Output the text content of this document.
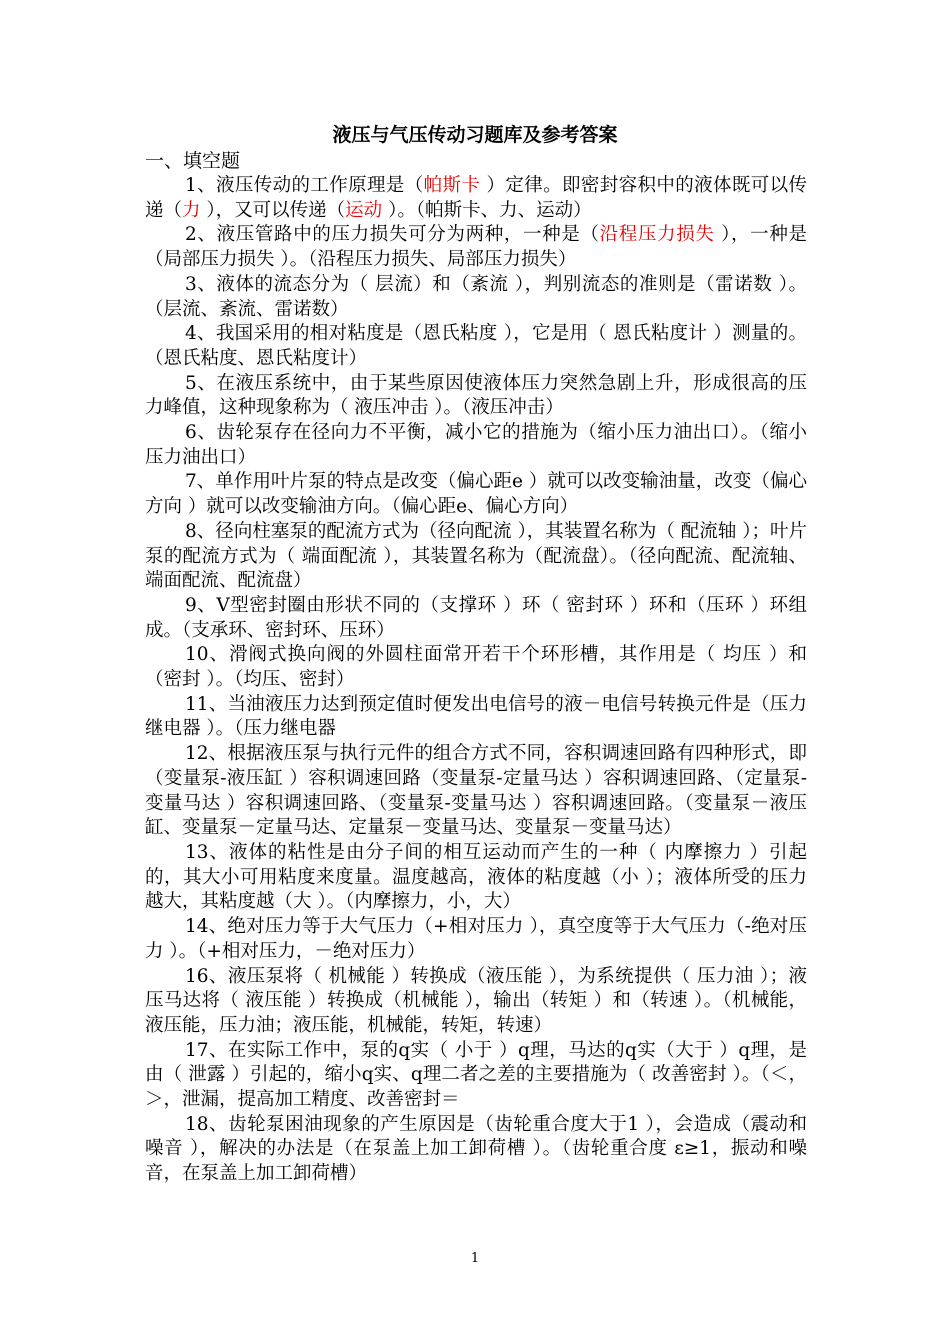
液压与气压传动习题库及参考答案
一、填空题

1、液压传动的工作原理是（帕斯卡 ）定律。即密封容积中的液体既可以传递（力 ），又可以传递（运动 ）。（帕斯卡、力、运动）

2、液压管路中的压力损失可分为两种，一种是（沿程压力损失 ），一种是（局部压力损失 ）。（沿程压力损失、局部压力损失）

3、液体的流态分为（ 层流）和（紊流 ），判别流态的准则是（雷诺数 ）。（层流、紊流、雷诺数）

4、我国采用的相对粘度是（恩氏粘度 ），它是用（ 恩氏粘度计 ）测量的。（恩氏粘度、恩氏粘度计）

5、在液压系统中，由于某些原因使液体压力突然急剧上升，形成很高的压力峰值，这种现象称为（ 液压冲击 ）。（液压冲击）

6、齿轮泵存在径向力不平衡，减小它的措施为（缩小压力油出口）。（缩小压力油出口）

7、单作用叶片泵的特点是改变（偏心距e ）就可以改变输油量，改变（偏心方向 ）就可以改变输油方向。（偏心距e、偏心方向）

8、径向柱塞泵的配流方式为（径向配流 ），其装置名称为（ 配流轴 ）；叶片泵的配流方式为（ 端面配流 ），其装置名称为（配流盘）。（径向配流、配流轴、端面配流、配流盘）

9、V型密封圈由形状不同的（支撑环 ）环（ 密封环 ）环和（压环 ）环组成。（支承环、密封环、压环）

10、滑阀式换向阀的外圆柱面常开若干个环形槽，其作用是（ 均压 ）和（密封 ）。（均压、密封）

11、当油液压力达到预定值时便发出电信号的液－电信号转换元件是（压力继电器 ）。（压力继电器

12、根据液压泵与执行元件的组合方式不同，容积调速回路有四种形式，即（变量泵-液压缸 ）容积调速回路（变量泵-定量马达 ）容积调速回路、（定量泵-变量马达 ）容积调速回路、（变量泵-变量马达 ）容积调速回路。（变量泵－液压缸、变量泵－定量马达、定量泵－变量马达、变量泵－变量马达）

13、液体的粘性是由分子间的相互运动而产生的一种（ 内摩擦力 ）引起的，其大小可用粘度来度量。温度越高，液体的粘度越（小 ）；液体所受的压力越大，其粘度越（大 ）。（内摩擦力，小，大）

14、绝对压力等于大气压力（+相对压力 ），真空度等于大气压力（-绝对压力 ）。（+相对压力，－绝对压力）

16、液压泵将（ 机械能 ）转换成（液压能 ），为系统提供（ 压力油 ）；液压马达将（ 液压能 ）转换成（机械能 ），输出（转矩 ）和（转速 ）。（机械能，液压能，压力油；液压能，机械能，转矩，转速）

17、在实际工作中，泵的q实（ 小于 ）q理，马达的q实（大于 ）q理，是由（ 泄露 ）引起的，缩小q实、q理二者之差的主要措施为（ 改善密封 ）。（＜，＞，泄漏，提高加工精度、改善密封＝

18、齿轮泵困油现象的产生原因是（齿轮重合度大于1 ），会造成（震动和噪音 ），解决的办法是（在泵盖上加工卸荷槽 ）。（齿轮重合度 ε≥1，振动和噪音，在泵盖上加工卸荷槽）

1
